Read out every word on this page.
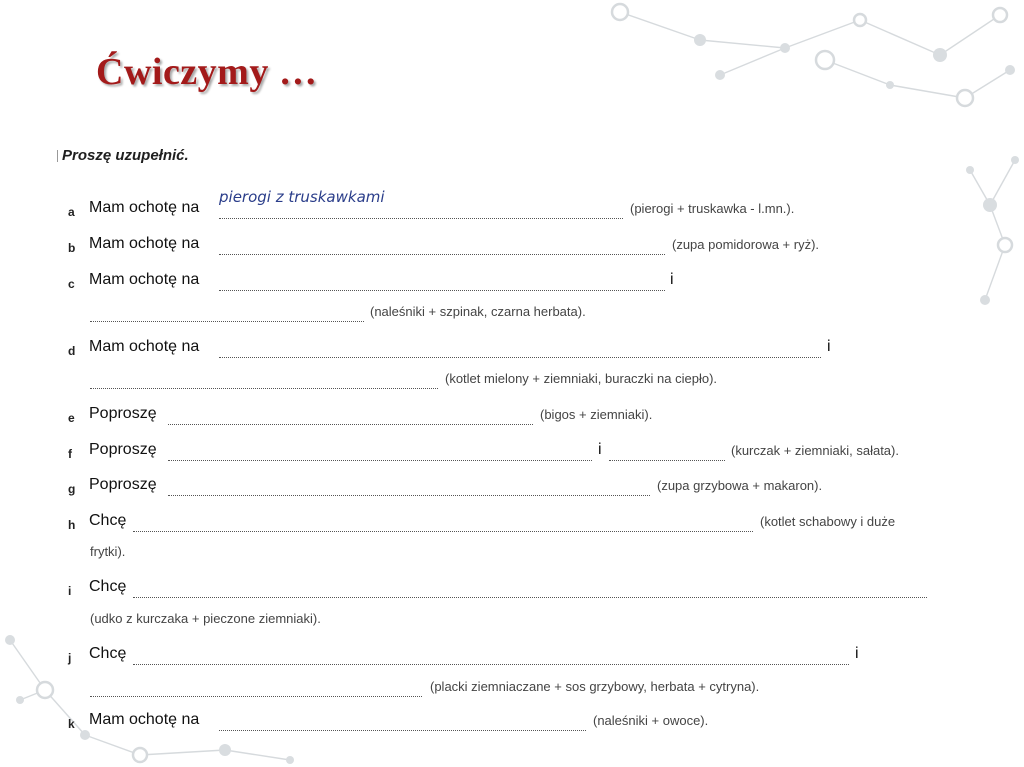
Ćwiczymy …
Proszę uzupełnić.
a Mam ochotę na
pierogi z truskawkami
(pierogi + truskawka - l.mn.).
b Mam ochotę na	(zupa pomidorowa + ryż).
c Mam ochotę na	i
(naleśniki + szpinak, czarna herbata).
d Mam ochotę na	i
(kotlet mielony + ziemniaki, buraczki na ciepło).
e Poproszę	(bigos + ziemniaki).
f Poproszę	i	(kurczak + ziemniaki, sałata).
g Poproszę	(zupa grzybowa + makaron).
h Chcę	(kotlet schabowy i duże
frytki).
i Chcę
(udko z kurczaka + pieczone ziemniaki).
j Chcę	i
(placki ziemniaczane + sos grzybowy, herbata + cytryna).
k Mam ochotę na	(naleśniki + owoce).
